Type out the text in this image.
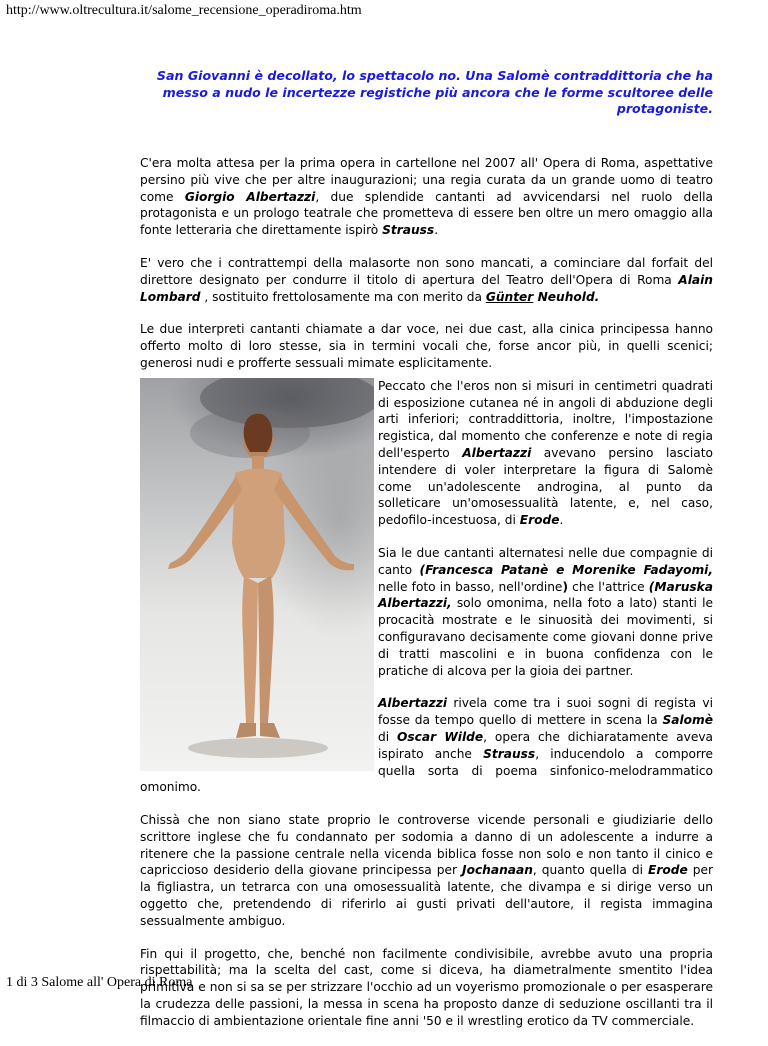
http://www.oltrecultura.it/salome_recensione_operadiroma.htm
San Giovanni è decollato, lo spettacolo no. Una Salomè contraddittoria che ha messo a nudo le incertezze registiche più ancora che le forme scultoree delle protagoniste.

C'era molta attesa per la prima opera in cartellone nel 2007 all' Opera di Roma, aspettative persino più vive che per altre inaugurazioni; una regia curata da un grande uomo di teatro come Giorgio Albertazzi, due splendide cantanti ad avvicendarsi nel ruolo della protagonista e un prologo teatrale che prometteva di essere ben oltre un mero omaggio alla fonte letteraria che direttamente ispirò Strauss.

E' vero che i contrattempi della malasorte non sono mancati, a cominciare dal forfait del direttore designato per condurre il titolo di apertura del Teatro dell'Opera di Roma Alain Lombard , sostituito frettolosamente ma con merito da Günter Neuhold.

Le due interpreti cantanti chiamate a dar voce, nei due cast, alla cinica principessa hanno offerto molto di loro stesse, sia in termini vocali che, forse ancor più, in quelli scenici; generosi nudi e profferte sessuali mimate esplicitamente.

Peccato che l'eros non si misuri in centimetri quadrati di esposizione cutanea né in angoli di abduzione degli arti inferiori; contraddittoria, inoltre, l'impostazione registica, dal momento che conferenze e note di regia dell'esperto Albertazzi avevano persino lasciato intendere di voler interpretare la figura di Salomè come un'adolescente androgina, al punto da solleticare un'omosessualità latente, e, nel caso, pedofilo-incestuosa, di Erode.

Sia le due cantanti alternatesi nelle due compagnie di canto (Francesca Patanè e Morenike Fadayomi, nelle foto in basso, nell'ordine) che l'attrice (Maruska Albertazzi, solo omonima, nella foto a lato) stanti le procacità mostrate e le sinuosità dei movimenti, si configuravano decisamente come giovani donne prive di tratti mascolini e in buona confidenza con le pratiche di alcova per la gioia dei partner.

Albertazzi rivela come tra i suoi sogni di regista vi fosse da tempo quello di mettere in scena la Salomè di Oscar Wilde, opera che dichiaratamente aveva ispirato anche Strauss, inducendolo a comporre quella sorta di poema sinfonico-melodrammatico omonimo.

Chissà che non siano state proprio le controverse vicende personali e giudiziarie dello scrittore inglese che fu condannato per sodomia a danno di un adolescente a indurre a ritenere che la passione centrale nella vicenda biblica fosse non solo e non tanto il cinico e capriccioso desiderio della giovane principessa per Jochanaan, quanto quella di Erode per la figliastra, un tetrarca con una omosessualità latente, che divampa e si dirige verso un oggetto che, pretendendo di riferirlo ai gusti privati dell'autore, il regista immagina sessualmente ambiguo.

Fin qui il progetto, che, benché non facilmente condivisibile, avrebbe avuto una propria rispettabilità; ma la scelta del cast, come si diceva, ha diametralmente smentito l'idea primitiva e non si sa se per strizzare l'occhio ad un voyerismo promozionale o per esasperare la crudezza delle passioni, la messa in scena ha proposto danze di seduzione oscillanti tra il filmaccio di ambientazione orientale fine anni '50 e il wrestling erotico da TV commerciale.

1 di 3 Salome all' Opera di Roma
